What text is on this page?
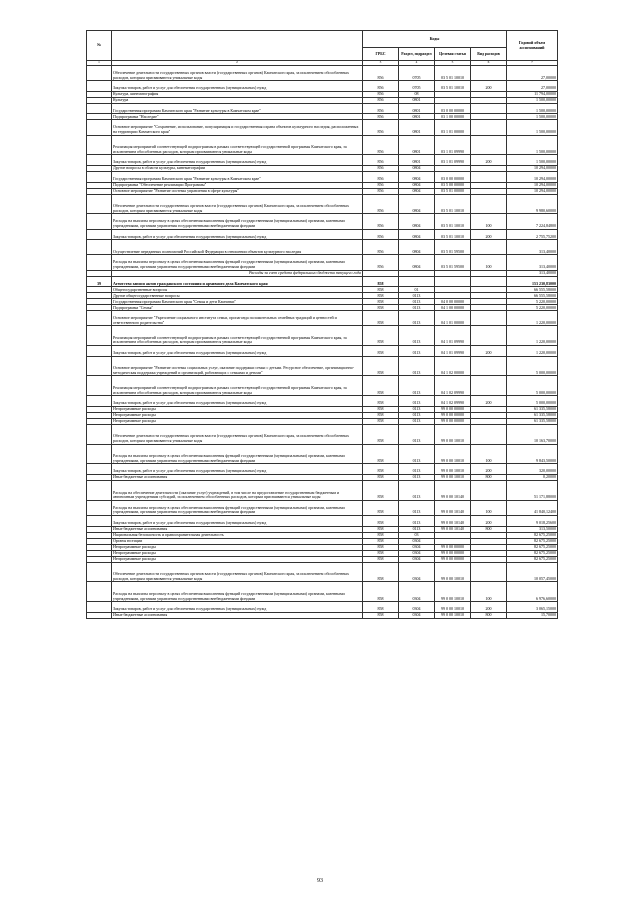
№		Коды				Годовой объем ассигнований
		ГРБС	Раздел, подраздел	Целевая статья	Вид расходов	
1	2	3	4	5	6	7
	Обеспечение деятельности государственных органов власти (государственных органов) Камчатского края, за исключением обособленных расходов, которым присваиваются уникальные коды	856	0705	03 5 01 10010		27,00000
	Закупка товаров, работ и услуг для обеспечения государственных (муниципальных) нужд	856	0705	03 5 01 10010	200	27,00000
	Культура, кинематография	856	08			11 794,00000
	Культура	856	0801			1 500,00000
	Государственная программа Камчатского края "Развитие культуры в Камчатском крае"	856	0801	03 0 00 00000		1 500,00000
	Подпрограмма "Наследие"	856	0801	03 1 00 00000		1 500,00000
	Основное мероприятие "Сохранение, использование, популяризация и государственная охрана объектов культурного наследия, расположенных на территории Камчатского края"	856	0801	03 1 01 00000		1 500,00000
	Реализация мероприятий соответствующей подпрограммы в рамках соответствующей государственной программы Камчатского края, за исключением обособленных расходов, которым присваиваются уникальные коды	856	0801	03 1 01 09990		1 500,00000
	Закупка товаров, работ и услуг для обеспечения государственных (муниципальных) нужд	856	0801	03 1 01 09990	200	1 500,00000
	Другие вопросы в области культуры, кинематографии	856	0804			10 294,00000
	Государственная программа Камчатского края "Развитие культуры в Камчатском крае"	856	0804	03 0 00 00000		10 294,00000
	Подпрограмма "Обеспечение реализации Программы"	856	0804	03 5 00 00000		10 294,00000
	Основное мероприятие "Развитие системы управления в сфере культуры"	856	0804	03 5 01 00000		10 294,00000
	Обеспечение деятельности государственных органов власти (государственных органов) Камчатского края, за исключением обособленных расходов, которым присваиваются уникальные коды	856	0804	03 5 01 10010		9 980,60000
	Расходы на выплаты персоналу в целях обеспечения выполнения функций государственными (муниципальными) органами, казенными учреждениями, органами управления государственными внебюджетными фондами	856	0804	03 5 01 10010	100	7 224,84800
	Закупка товаров, работ и услуг для обеспечения государственных (муниципальных) нужд	856	0804	03 5 01 10010	200	2 755,75200
	Осуществление переданных полномочий Российской Федерации в отношении объектов культурного наследия	856	0804	03 5 01 59500		313,40000
	Расходы на выплаты персоналу в целях обеспечения выполнения функций государственными (муниципальными) органами, казенными учреждениями, органами управления государственными внебюджетными фондами	856	0804	03 5 01 59500	100	313,40000
	Расходы за счет средств федерального бюджета текущего года					313,40000
39	Агентство записи актов гражданского состояния и архивного дела Камчатского края	858				153 230,83000
	Общегосударственные вопросы	858	01			66 555,58000
	Другие общегосударственные вопросы	858	0113			66 555,58000
	Государственная программа Камчатского края "Семья и дети Камчатки"	858	0113	04 0 00 00000		5 220,00000
	Подпрограмма "Семья"	858	0113	04 1 00 00000		5 220,00000
	Основное мероприятие "Укрепление социального института семьи, пропаганда положительных семейных традиций и ценностей и ответственного родительства"	858	0113	04 1 01 00000		1 220,00000
	Реализация мероприятий соответствующей подпрограммы в рамках соответствующей государственной программы Камчатского края, за исключением обособленных расходов, которым присваиваются уникальные коды	858	0113	04 1 01 09990		1 220,00000
	Закупка товаров, работ и услуг для обеспечения государственных (муниципальных) нужд	858	0113	04 1 01 09990	200	1 220,00000
	Основное мероприятие "Развитие системы социальных услуг, оказание поддержки семьи с детьми. Ресурсное обеспечение, организационно-методическая поддержка учреждений и организаций, работающих с семьями и детьми"	858	0113	04 1 02 00000		5 000,00000
	Реализация мероприятий соответствующей подпрограммы в рамках соответствующей государственной программы Камчатского края, за исключением обособленных расходов, которым присваиваются уникальные коды	858	0113	04 1 02 09990		5 000,00000
	Закупка товаров, работ и услуг для обеспечения государственных (муниципальных) нужд	858	0113	04 1 02 09990	200	5 000,00000
	Непрограммные расходы	858	0113	99 0 00 00000		61 335,58000
	Непрограммные расходы	858	0113	99 0 00 00000		61 335,58000
	Непрограммные расходы	858	0113	99 0 00 00000		61 335,58000
	Обеспечение деятельности государственных органов власти (государственных органов) Камчатского края, за исключением обособленных расходов, которым присваиваются уникальные коды	858	0113	99 0 00 10010		10 163,70000
	Расходы на выплаты персоналу в целях обеспечения выполнения функций государственными (муниципальными) органами, казенными учреждениями, органами управления государственными внебюджетными фондами	858	0113	99 0 00 10010	100	9 843,50000
	Закупка товаров, работ и услуг для обеспечения государственных (муниципальных) нужд	858	0113	99 0 00 10010	200	320,00000
	Иные бюджетные ассигнования	858	0113	99 0 00 10010	800	0,20000
	Расходы на обеспечение деятельности (оказание услуг) учреждений, в том числе на предоставление государственным бюджетным и автономным учреждениям субсидий, за исключением обособленных расходов, которым присваиваются уникальные коды	858	0113	99 0 00 10140		51 171,88000
	Расходы на выплаты персоналу в целях обеспечения выполнения функций государственными (муниципальными) органами, казенными учреждениями, органами управления государственными внебюджетными фондами	858	0113	99 0 00 10140	100	41 840,12400
	Закупка товаров, работ и услуг для обеспечения государственных (муниципальных) нужд	858	0113	99 0 00 10140	200	9 018,25600
	Иные бюджетные ассигнования	858	0113	99 0 00 10140	800	313,50000
	Национальная безопасность и правоохранительная деятельность	858	03			82 675,25000
	Органы юстиции	858	0304			82 675,25000
	Непрограммные расходы	858	0304	99 0 00 00000		82 675,25000
	Непрограммные расходы	858	0304	99 0 00 00000		82 675,25000
	Непрограммные расходы	858	0304	99 0 00 00000		82 675,25000
	Обеспечение деятельности государственных органов власти (государственных органов) Камчатского края, за исключением обособленных расходов, которым присваиваются уникальные коды	858	0304	99 0 00 10010		10 057,45000
	Расходы на выплаты персоналу в целях обеспечения выполнения функций государственными (муниципальными) органами, казенными учреждениями, органами управления государственными внебюджетными фондами	858	0304	99 0 00 10010	100	6 976,60000
	Закупка товаров, работ и услуг для обеспечения государственных (муниципальных) нужд	858	0304	99 0 00 10010	200	3 065,15000
	Иные бюджетные ассигнования	858	0304	99 0 00 10010	800	15,70000
93
